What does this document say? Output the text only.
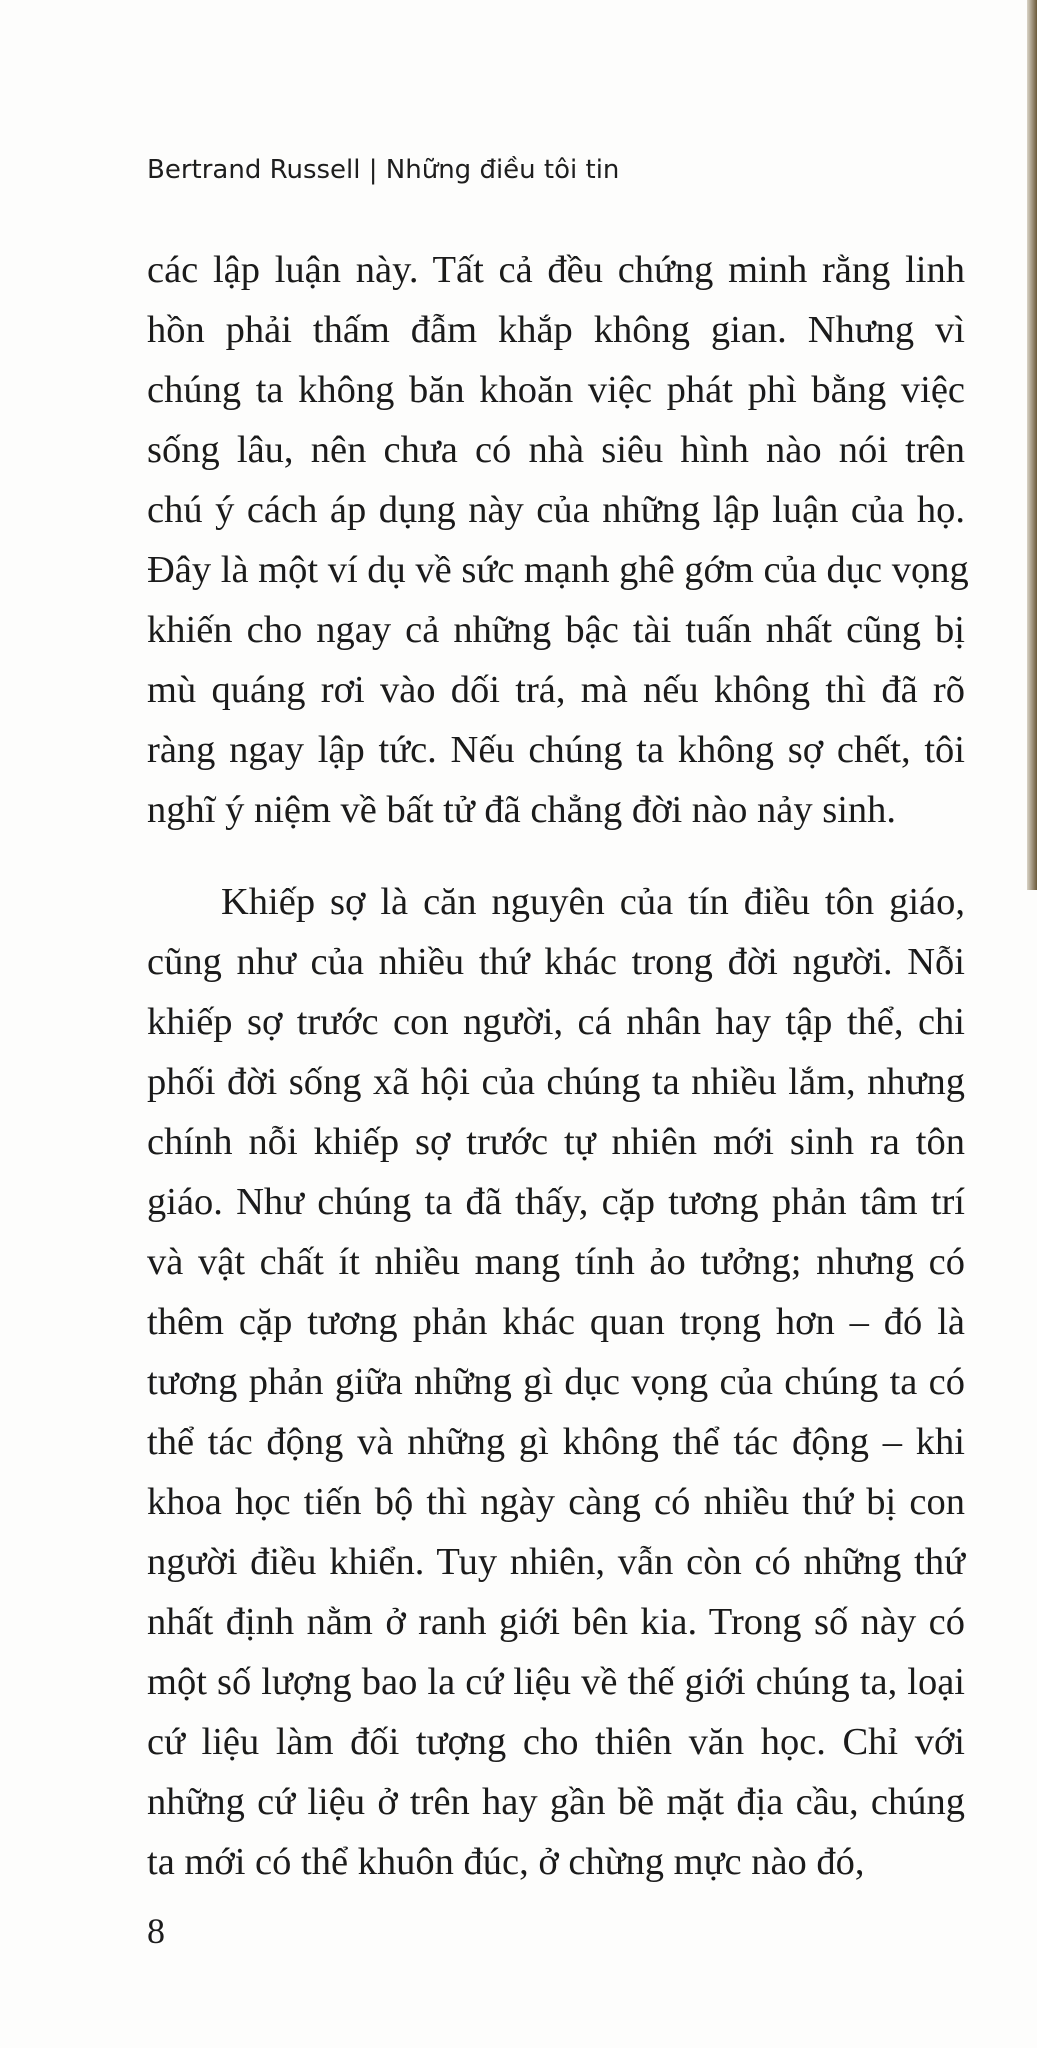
Bertrand Russell | Những điều tôi tin
các lập luận này. Tất cả đều chứng minh rằng linh
hồn phải thấm đẫm khắp không gian. Nhưng vì
chúng ta không băn khoăn việc phát phì bằng việc
sống lâu, nên chưa có nhà siêu hình nào nói trên
chú ý cách áp dụng này của những lập luận của họ.
Đây là một ví dụ về sức mạnh ghê gớm của dục vọng
khiến cho ngay cả những bậc tài tuấn nhất cũng bị
mù quáng rơi vào dối trá, mà nếu không thì đã rõ
ràng ngay lập tức. Nếu chúng ta không sợ chết, tôi
nghĩ ý niệm về bất tử đã chẳng đời nào nảy sinh.
Khiếp sợ là căn nguyên của tín điều tôn giáo,
cũng như của nhiều thứ khác trong đời người. Nỗi
khiếp sợ trước con người, cá nhân hay tập thể, chi
phối đời sống xã hội của chúng ta nhiều lắm, nhưng
chính nỗi khiếp sợ trước tự nhiên mới sinh ra tôn
giáo. Như chúng ta đã thấy, cặp tương phản tâm trí
và vật chất ít nhiều mang tính ảo tưởng; nhưng có
thêm cặp tương phản khác quan trọng hơn – đó là
tương phản giữa những gì dục vọng của chúng ta có
thể tác động và những gì không thể tác động – khi
khoa học tiến bộ thì ngày càng có nhiều thứ bị con
người điều khiển. Tuy nhiên, vẫn còn có những thứ
nhất định nằm ở ranh giới bên kia. Trong số này có
một số lượng bao la cứ liệu về thế giới chúng ta, loại
cứ liệu làm đối tượng cho thiên văn học. Chỉ với
những cứ liệu ở trên hay gần bề mặt địa cầu, chúng
ta mới có thể khuôn đúc, ở chừng mực nào đó,
8
